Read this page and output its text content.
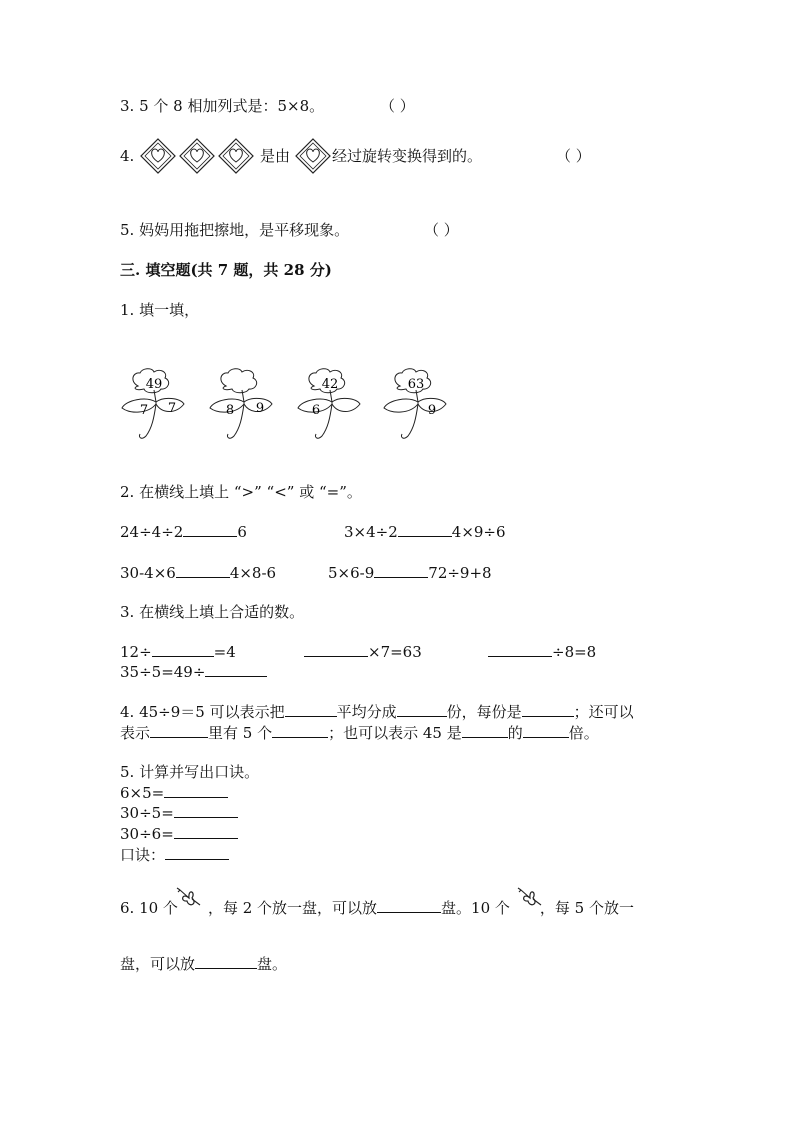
3. 5 个 8 相加列式是：5×8。	（ ）
4.	是由	经过旋转变换得到的。	（ ）
5. 妈妈用拖把擦地，是平移现象。	（ ）
三. 填空题(共 7 题，共 28 分)
1. 填一填，
49
7 7	8 9
42
6
63
9
2. 在横线上填上 “>” “<” 或 “=”。
24÷4÷2	6	3×4÷2	4×9÷6
30-4×6	4×8-6	5×6-9	72÷9+8
3. 在横线上填上合适的数。
12÷	=4	×7=63	÷8=8
35÷5=49÷
4. 45÷9＝5 可以表示把	平均分成	份，每份是	；还可以
表示	里有 5 个	；也可以表示 45 是	的	倍。
5. 计算并写出口诀。
6×5=
30÷5=
30÷6=
口诀：
6. 10 个 ，每 2 个放一盘，可以放	盘。10 个 ，每 5 个放一
盘，可以放	盘。
